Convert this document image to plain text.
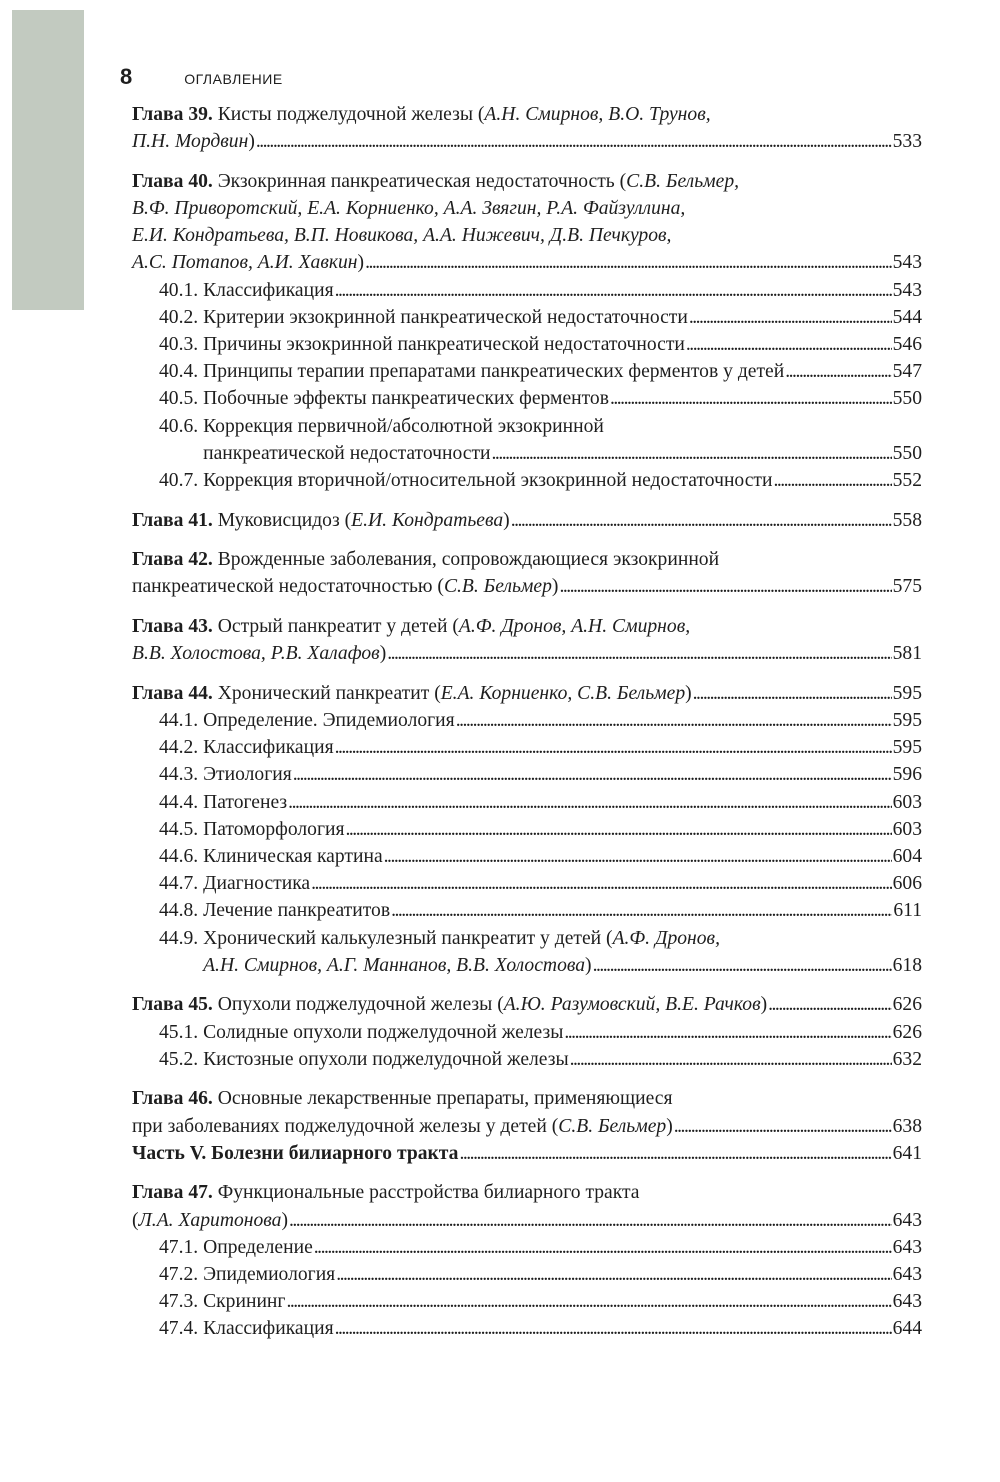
8	ОГЛАВЛЕНИЕ
Глава 39. Кисты поджелудочной железы (А.Н. Смирнов, В.О. Трунов,
П.Н. Мордвин) . . .	533
Глава 40. Экзокринная панкреатическая недостаточность (С.В. Бельмер,
В.Ф. Приворотский, Е.А. Корниенко, А.А. Звягин, Р.А. Файзуллина,
Е.И. Кондратьева, В.П. Новикова, А.А. Нижевич, Д.В. Печкуров,
А.С. Потапов, А.И. Хавкин) . . .	543
40.1. Классификация . . .	543
40.2. Критерии экзокринной панкреатической недостаточности . . .	544
40.3. Причины экзокринной панкреатической недостаточности . . .	546
40.4. Принципы терапии препаратами панкреатических ферментов у детей . . .	547
40.5. Побочные эффекты панкреатических ферментов . . .	550
40.6. Коррекция первичной/абсолютной экзокринной
панкреатической недостаточности . . .	550
40.7. Коррекция вторичной/относительной экзокринной недостаточности . . .	552
Глава 41. Муковисцидоз (Е.И. Кондратьева) . . .	558
Глава 42. Врожденные заболевания, сопровождающиеся экзокринной
панкреатической недостаточностью (С.В. Бельмер) . . .	575
Глава 43. Острый панкреатит у детей (А.Ф. Дронов, А.Н. Смирнов,
В.В. Холостова, Р.В. Халафов) . . .	581
Глава 44. Хронический панкреатит (Е.А. Корниенко, С.В. Бельмер) . . .	595
44.1. Определение. Эпидемиология . . .	595
44.2. Классификация . . .	595
44.3. Этиология . . .	596
44.4. Патогенез . . .	603
44.5. Патоморфология . . .	603
44.6. Клиническая картина . . .	604
44.7. Диагностика . . .	606
44.8. Лечение панкреатитов . . .	611
44.9. Хронический калькулезный панкреатит у детей (А.Ф. Дронов,
А.Н. Смирнов, А.Г. Маннанов, В.В. Холостова) . . .	618
Глава 45. Опухоли поджелудочной железы (А.Ю. Разумовский, В.Е. Рачков) . . .	626
45.1. Солидные опухоли поджелудочной железы . . .	626
45.2. Кистозные опухоли поджелудочной железы . . .	632
Глава 46. Основные лекарственные препараты, применяющиеся
при заболеваниях поджелудочной железы у детей (С.В. Бельмер) . . .	638
Часть V. Болезни билиарного тракта . . .	641
Глава 47. Функциональные расстройства билиарного тракта
(Л.А. Харитонова) . . .	643
47.1. Определение . . .	643
47.2. Эпидемиология . . .	643
47.3. Скрининг . . .	643
47.4. Классификация . . .	644
